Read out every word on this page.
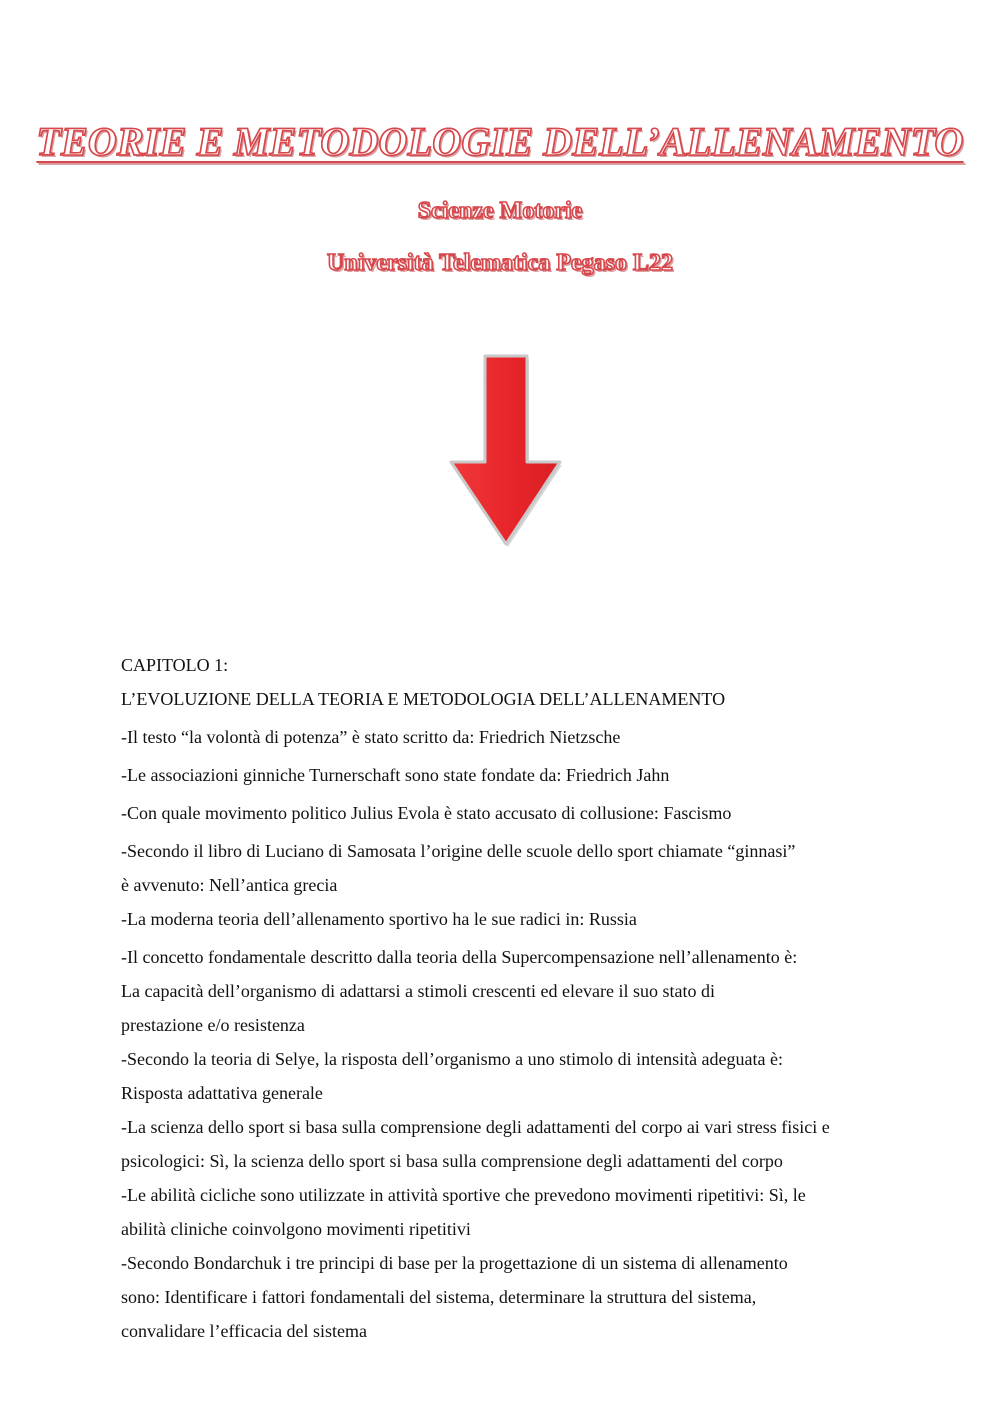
TEORIE E METODOLOGIE DELL’ALLENAMENTO
Scienze Motorie
Università Telematica Pegaso L22

CAPITOLO 1:

L’EVOLUZIONE DELLA TEORIA E METODOLOGIA DELL’ALLENAMENTO

-Il testo “la volontà di potenza” è stato scritto da: Friedrich Nietzsche

-Le associazioni ginniche Turnerschaft sono state fondate da: Friedrich Jahn

-Con quale movimento politico Julius Evola è stato accusato di collusione: Fascismo

-Secondo il libro di Luciano di Samosata l’origine delle scuole dello sport chiamate “ginnasi”

è avvenuto: Nell’antica grecia

-La moderna teoria dell’allenamento sportivo ha le sue radici in: Russia

-Il concetto fondamentale descritto dalla teoria della Supercompensazione nell’allenamento è:

La capacità dell’organismo di adattarsi a stimoli crescenti ed elevare il suo stato di

prestazione e/o resistenza

-Secondo la teoria di Selye, la risposta dell’organismo a uno stimolo di intensità adeguata è:

Risposta adattativa generale

-La scienza dello sport si basa sulla comprensione degli adattamenti del corpo ai vari stress fisici e

psicologici: Sì, la scienza dello sport si basa sulla comprensione degli adattamenti del corpo

-Le abilità cicliche sono utilizzate in attività sportive che prevedono movimenti ripetitivi: Sì, le

abilità cliniche coinvolgono movimenti ripetitivi

-Secondo Bondarchuk i tre principi di base per la progettazione di un sistema di allenamento

sono: Identificare i fattori fondamentali del sistema, determinare la struttura del sistema,

convalidare l’efficacia del sistema
